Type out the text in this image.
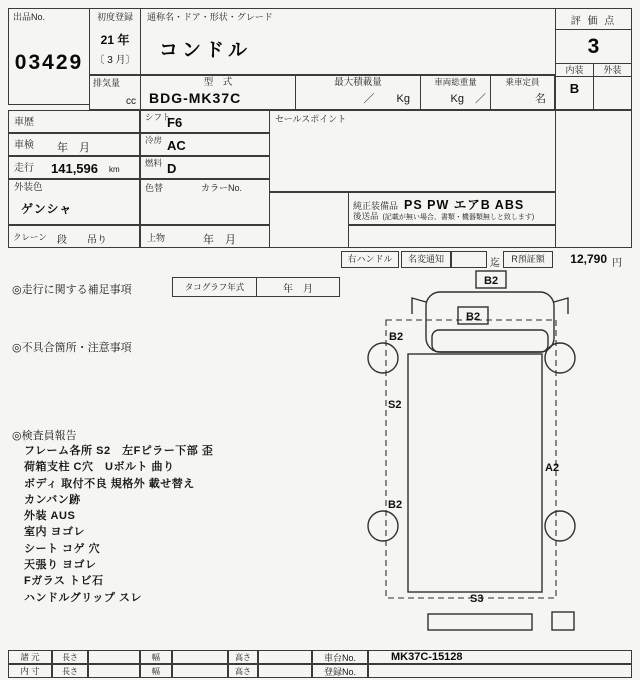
出品No.
03429
初度登録
21 年
〔 3 月〕
通称名・ドア・形状・グレード
コンドル
評 価 点
3
内装 外装
B
排気量
cc
型　式
BDG-MK37C
最大積載量
／　　Kg
車両総重量
Kg　／
乗車定員
名
車歴
車検 年　月
走行 141,596 km
外装色
ゲンシャ
クレーン 段　　吊り
シフト
F6
冷房 AC
燃料 D
色替	カラーNo.
上物	年　月
セールスポイント
純正装備品 PS PW エアB ABS
後送品 (記載が無い場合、書類・機器類無しと致します)
右ハンドル 名変通知	迄 R預証額	12,790 円
◎走行に関する補足事項	タコグラフ年式	年　月
◎不具合箇所・注意事項
◎検査員報告
フレーム各所 S2　左Fピラー下部 歪
荷箱支柱 C穴　Uボルト 曲り
ボディ 取付不良 規格外 載せ替え
カンバン跡
外装 AUS
室内 ヨゴレ
シート コゲ 穴
天張り ヨゴレ
Fガラス トビ石
ハンドルグリップ スレ
B2
B2
B2
S2
B2
A2
S3
諸 元	長さ	幅	高さ	車台No.	MK37C-15128
内 寸	長さ	幅	高さ	登録No.
